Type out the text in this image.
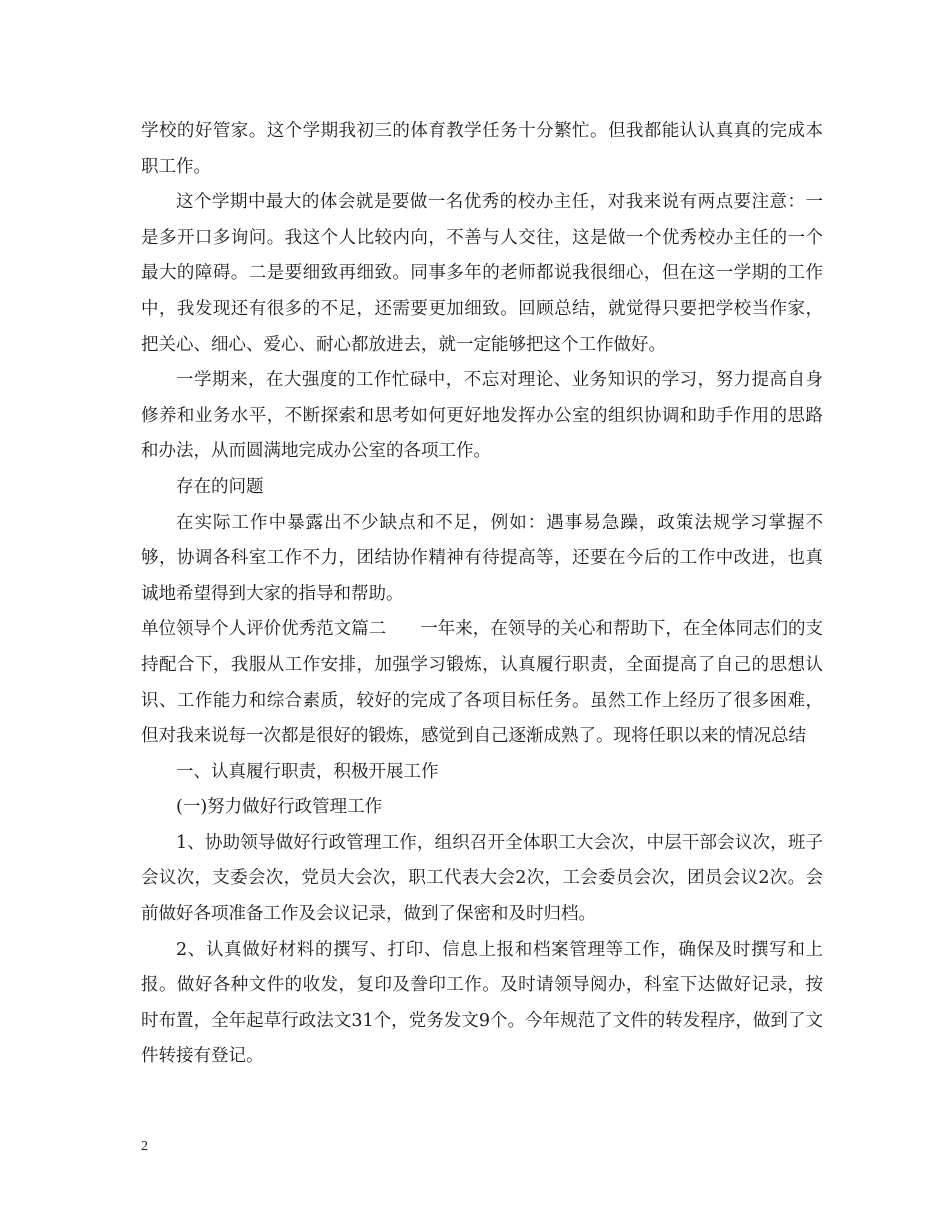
学校的好管家。这个学期我初三的体育教学任务十分繁忙。但我都能认认真真的完成本职工作。

这个学期中最大的体会就是要做一名优秀的校办主任，对我来说有两点要注意：一是多开口多询问。我这个人比较内向，不善与人交往，这是做一个优秀校办主任的一个最大的障碍。二是要细致再细致。同事多年的老师都说我很细心，但在这一学期的工作中，我发现还有很多的不足，还需要更加细致。回顾总结，就觉得只要把学校当作家，把关心、细心、爱心、耐心都放进去，就一定能够把这个工作做好。

一学期来，在大强度的工作忙碌中，不忘对理论、业务知识的学习，努力提高自身修养和业务水平，不断探索和思考如何更好地发挥办公室的组织协调和助手作用的思路和办法，从而圆满地完成办公室的各项工作。

存在的问题

在实际工作中暴露出不少缺点和不足，例如：遇事易急躁，政策法规学习掌握不够，协调各科室工作不力，团结协作精神有待提高等，还要在今后的工作中改进，也真诚地希望得到大家的指导和帮助。

单位领导个人评价优秀范文篇二 一年来，在领导的关心和帮助下，在全体同志们的支持配合下，我服从工作安排，加强学习锻炼，认真履行职责，全面提高了自己的思想认识、工作能力和综合素质，较好的完成了各项目标任务。虽然工作上经历了很多困难，但对我来说每一次都是很好的锻炼，感觉到自己逐渐成熟了。现将任职以来的情况总结

一、认真履行职责，积极开展工作

(一)努力做好行政管理工作

1、协助领导做好行政管理工作，组织召开全体职工大会次，中层干部会议次，班子会议次，支委会次，党员大会次，职工代表大会2次，工会委员会次，团员会议2次。会前做好各项准备工作及会议记录，做到了保密和及时归档。

2、认真做好材料的撰写、打印、信息上报和档案管理等工作，确保及时撰写和上报。做好各种文件的收发，复印及誊印工作。及时请领导阅办，科室下达做好记录，按时布置，全年起草行政法文31个，党务发文9个。今年规范了文件的转发程序，做到了文件转接有登记。

2
